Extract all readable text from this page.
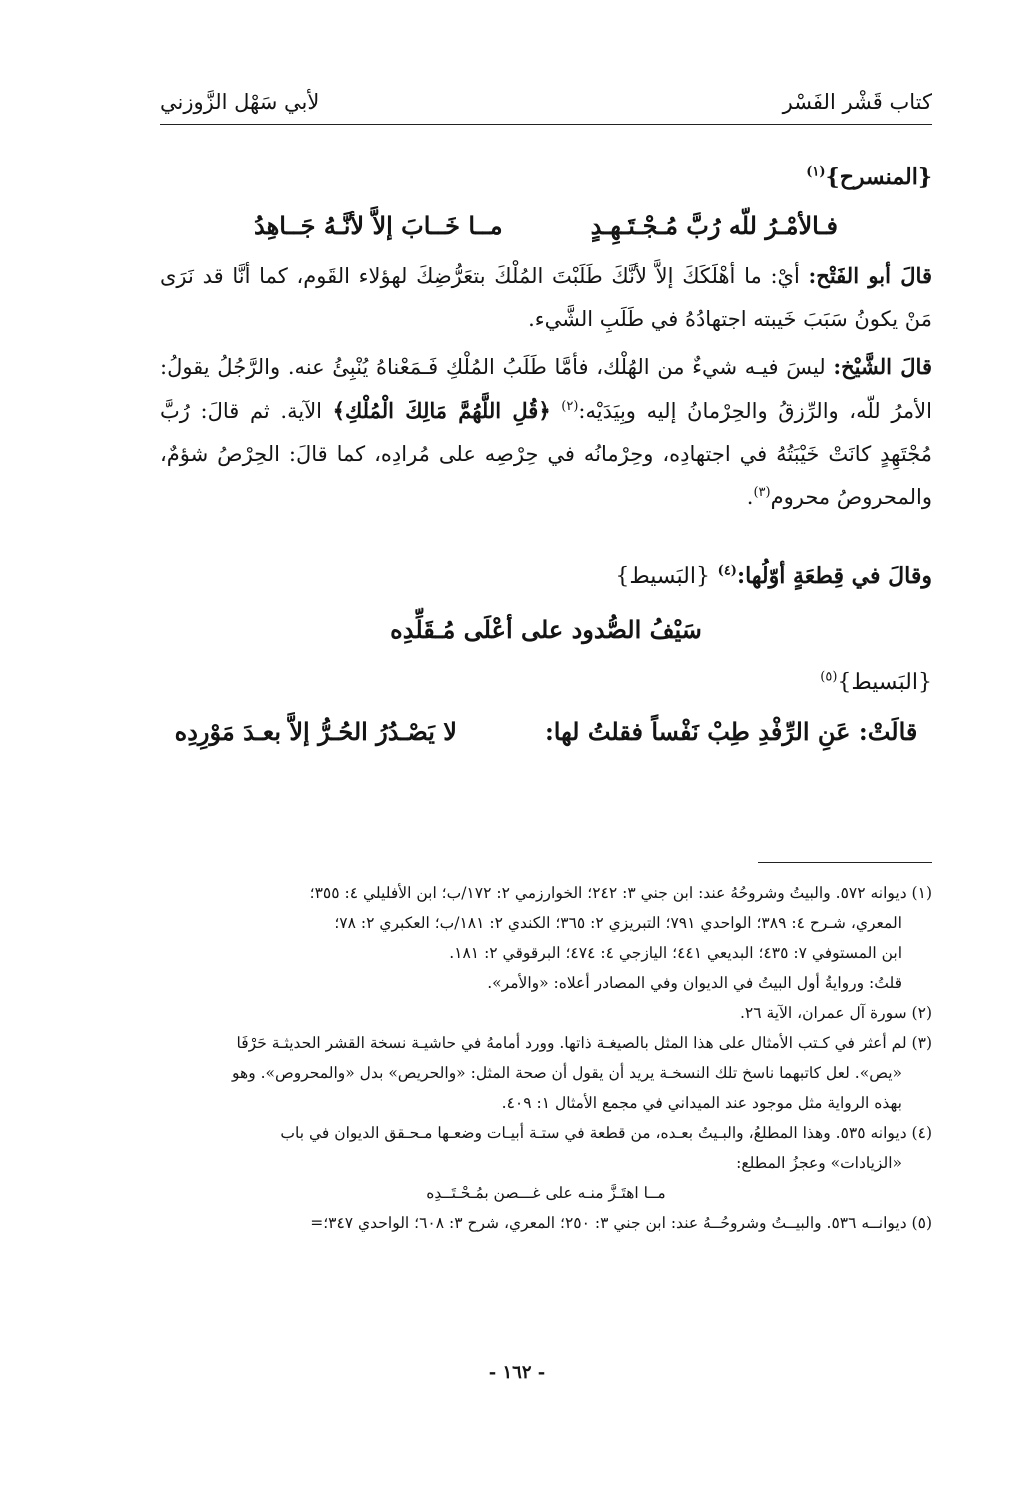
كتاب قَشْر الفَسْر
لأبي سَهْل الزَّوزني
{المنسرح}$^{(١)}$
فـالأمْـرُ للّه رُبَّ مُـجْـتَـهِـدٍ
مــا خَــابَ إلاَّ لأنَّـهُ جَــاهِدُ

قالَ أبو الفَتْح: أيْ: ما أهْلَكَكَ إلاَّ لأنَّكَ طَلَبْتَ المُلْكَ بتعَرُّضِكَ لهؤلاء القَوم، كما أنَّا قد نَرَى مَنْ يكونُ سَبَبَ خَيبته اجتهادُهُ في طَلَبِ الشَّيء.

قالَ الشَّيْخ: ليسَ فيـه شيءٌ من الهُلْك، فأمَّا طَلَبُ المُلْكِ فَـمَعْناهُ يُنْبِئُ عنه. والرَّجُلُ يقولُ: الأمرُ للّه، والرِّزقُ والحِرْمانُ إليه وبِيَدَيْه:$^{(٢)}$ ﴿قُلِ اللَّهُمَّ مَالِكَ الْمُلْكِ﴾ الآية. ثم قالَ: رُبَّ مُجْتَهِدٍ كانَتْ خَيْبَتُهُ في اجتهادِه، وحِرْمانُه في حِرْصِه على مُرادِه، كما قالَ: الحِرْصُ شؤمٌ، والمحروصُ محروم$^{(٣)}$.

وقالَ في قِطعَةٍ أوّلُها:$^{(٤)}$ {البَسيط}
سَيْفُ الصُّدود على أعْلَى مُـقَلِّدِه
{البَسيط}$^{(٥)}$
قالَتْ: عَنِ الرِّفْدِ طِبْ نَفْساً فقلتُ لها:
لا يَصْـدُرُ الحُـرُّ إلاَّ بعـدَ مَوْرِدِه

(١) ديوانه ٥٧٢. والبيتُ وشروحُهُ عند: ابن جني ٣: ٢٤٢؛ الخوارزمي ٢: ١٧٢/ب؛ ابن الأفليلي ٤: ٣٥٥؛

المعري، شـرح ٤: ٣٨٩؛ الواحدي ٧٩١؛ التبريزي ٢: ٣٦٥؛ الكندي ٢: ١٨١/ب؛ العكبري ٢: ٧٨؛

ابن المستوفي ٧: ٤٣٥؛ البديعي ٤٤١؛ اليازجي ٤: ٤٧٤؛ البرقوقي ٢: ١٨١.

قلتُ: وروايةُ أول البيتُ في الديوان وفي المصادر أعلاه: «والأمر».

(٢) سورة آل عمران، الآية ٢٦.

(٣) لم أعثر في كـتب الأمثال على هذا المثل بالصيغـة ذاتها. وورد أمامهُ في حاشيـة نسخة القشر الحديثـة حَرْفَا

«يص». لعل كاتبهما ناسخ تلك النسخـة يريد أن يقول أن صحة المثل: «والحريص» بدل «والمحروص». وهو

بهذه الرواية مثل موجود عند الميداني في مجمع الأمثال ١: ٤٠٩.

(٤) ديوانه ٥٣٥. وهذا المطلعُ، والبـيتُ بعـده، من قطعة في ستـة أبيـات وضعـها مـحـقق الديوان في باب

«الزيادات» وعجزُ المطلع:

مــا اهتَـزَّ منـه على غـــصن بمُـحْـتَــدِه

(٥) ديوانــه ٥٣٦. والبيــتُ وشروحُــهُ عند: ابن جني ٣: ٢٥٠؛ المعري، شرح ٣: ٦٠٨؛ الواحدي ٣٤٧؛=

- ١٦٢ -
